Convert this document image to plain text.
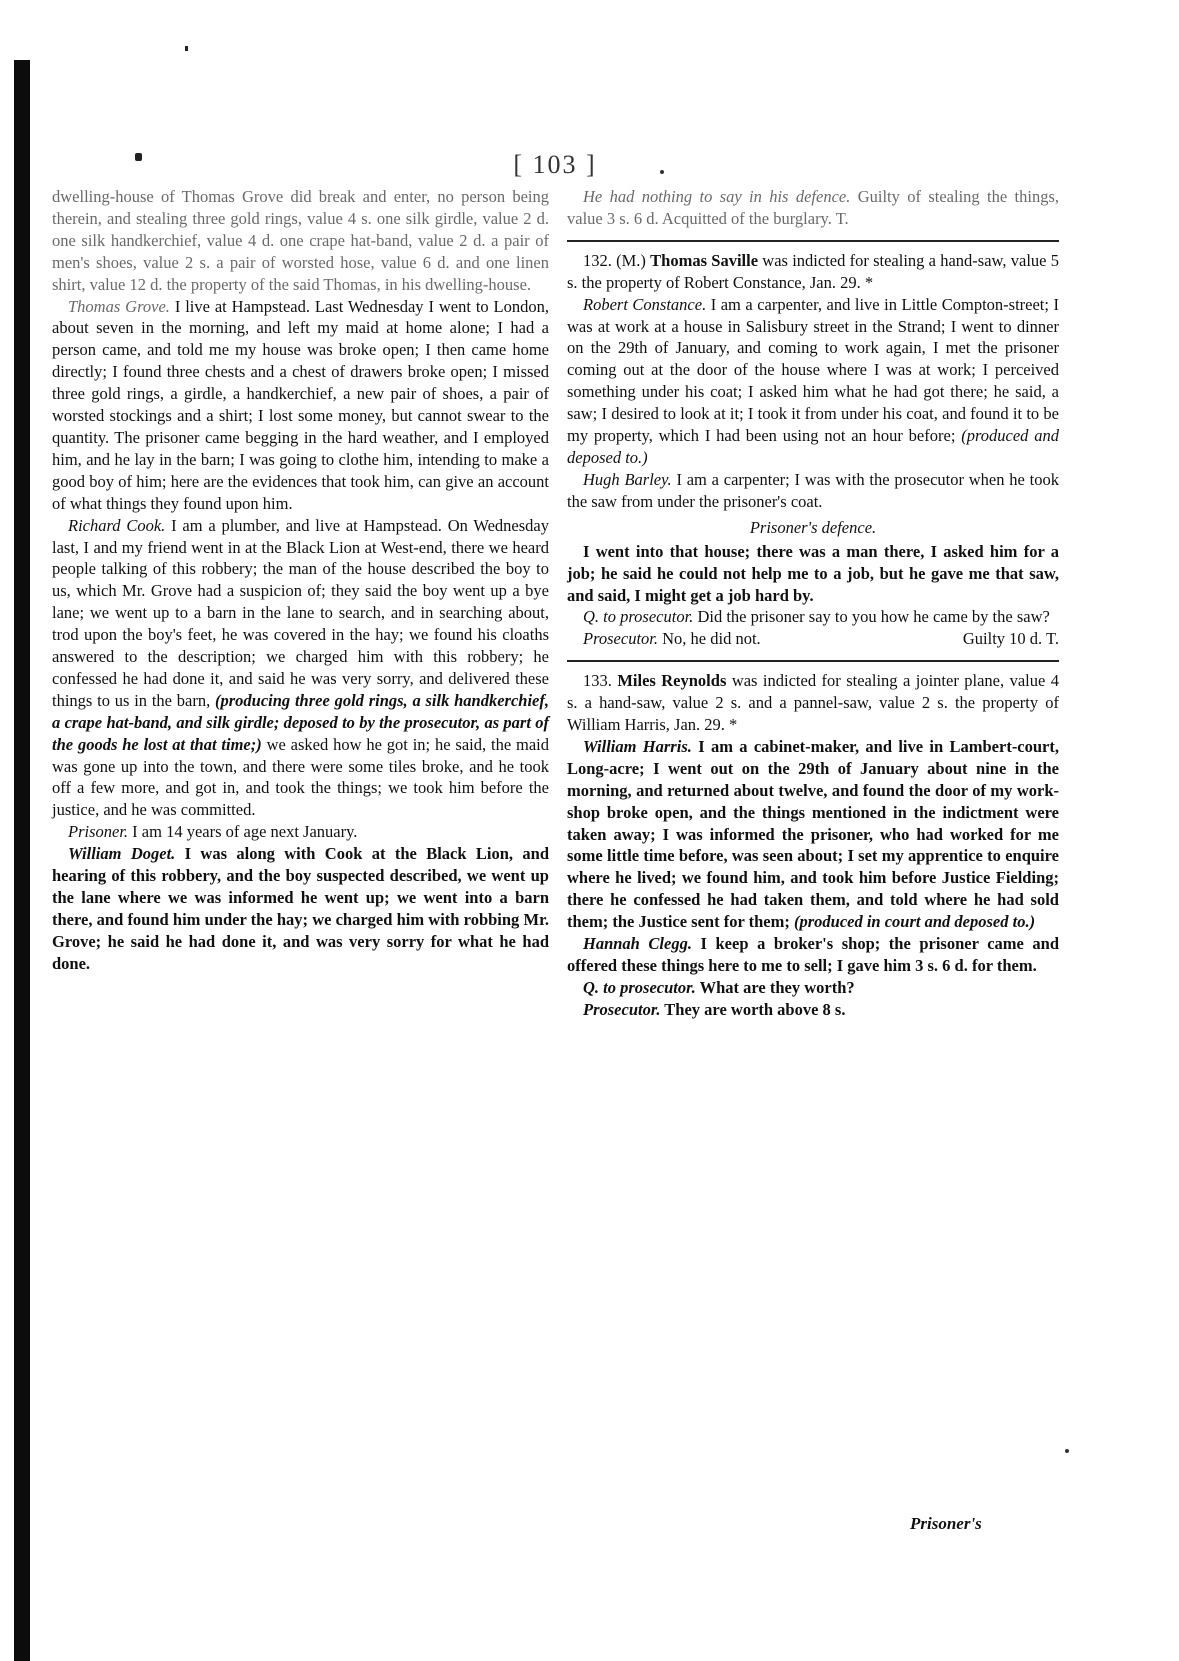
[ 103 ]

dwelling-house of Thomas Grove did break and enter, no person being therein, and stealing three gold rings, value 4 s. one silk girdle, value 2 d. one silk handkerchief, value 4 d. one crape hat-band, value 2 d. a pair of men's shoes, value 2 s. a pair of worsted hose, value 6 d. and one linen shirt, value 12 d. the property of the said Thomas, in his dwelling-house.

Thomas Grove. I live at Hampstead. Last Wednesday I went to London, about seven in the morning, and left my maid at home alone; I had a person came, and told me my house was broke open; I then came home directly; I found three chests and a chest of drawers broke open; I missed three gold rings, a girdle, a handkerchief, a new pair of shoes, a pair of worsted stockings and a shirt; I lost some money, but cannot swear to the quantity. The prisoner came begging in the hard weather, and I employed him, and he lay in the barn; I was going to clothe him, intending to make a good boy of him; here are the evidences that took him, can give an account of what things they found upon him.

Richard Cook. I am a plumber, and live at Hampstead. On Wednesday last, I and my friend went in at the Black Lion at West-end, there we heard people talking of this robbery; the man of the house described the boy to us, which Mr. Grove had a suspicion of; they said the boy went up a bye lane; we went up to a barn in the lane to search, and in searching about, trod upon the boy's feet, he was covered in the hay; we found his cloaths answered to the description; we charged him with this robbery; he confessed he had done it, and said he was very sorry, and delivered these things to us in the barn, (producing three gold rings, a silk handkerchief, a crape hat-band, and silk girdle; deposed to by the prosecutor, as part of the goods he lost at that time;) we asked how he got in; he said, the maid was gone up into the town, and there were some tiles broke, and he took off a few more, and got in, and took the things; we took him before the justice, and he was committed.

Prisoner. I am 14 years of age next January.

William Doget. I was along with Cook at the Black Lion, and hearing of this robbery, and the boy suspected described, we went up the lane where we was informed he went up; we went into a barn there, and found him under the hay; we charged him with robbing Mr. Grove; he said he had done it, and was very sorry for what he had done.

He had nothing to say in his defence. Guilty of stealing the things, value 3 s. 6 d. Acquitted of the burglary. T.

132. (M.) Thomas Saville was indicted for stealing a hand-saw, value 5 s. the property of Robert Constance, Jan. 29. *

Robert Constance. I am a carpenter, and live in Little Compton-street; I was at work at a house in Salisbury street in the Strand; I went to dinner on the 29th of January, and coming to work again, I met the prisoner coming out at the door of the house where I was at work; I perceived something under his coat; I asked him what he had got there; he said, a saw; I desired to look at it; I took it from under his coat, and found it to be my property, which I had been using not an hour before; (produced and deposed to.)

Hugh Barley. I am a carpenter; I was with the prosecutor when he took the saw from under the prisoner's coat.

Prisoner's defence.

I went into that house; there was a man there, I asked him for a job; he said he could not help me to a job, but he gave me that saw, and said, I might get a job hard by.

Q. to prosecutor. Did the prisoner say to you how he came by the saw?

Prosecutor. No, he did not.	Guilty 10 d. T.

133. Miles Reynolds was indicted for stealing a jointer plane, value 4 s. a hand-saw, value 2 s. and a pannel-saw, value 2 s. the property of William Harris, Jan. 29. *

William Harris. I am a cabinet-maker, and live in Lambert-court, Long-acre; I went out on the 29th of January about nine in the morning, and returned about twelve, and found the door of my work-shop broke open, and the things mentioned in the indictment were taken away; I was informed the prisoner, who had worked for me some little time before, was seen about; I set my apprentice to enquire where he lived; we found him, and took him before Justice Fielding; there he confessed he had taken them, and told where he had sold them; the Justice sent for them; (produced in court and deposed to.)

Hannah Clegg. I keep a broker's shop; the prisoner came and offered these things here to me to sell; I gave him 3 s. 6 d. for them.

Q. to prosecutor. What are they worth?

Prosecutor. They are worth above 8 s.

Prisoner's
